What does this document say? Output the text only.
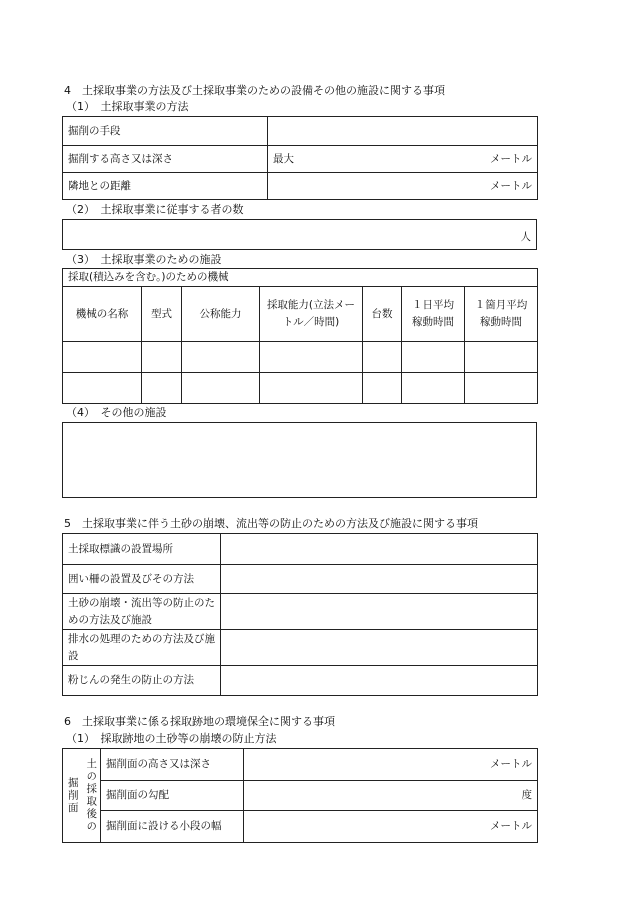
4　土採取事業の方法及び土採取事業のための設備その他の施設に関する事項
（1）　土採取事業の方法
掘削の手段	
掘削する高さ又は深さ	最大 メートル

隣地との距離	メートル
（2）　土採取事業に従事する者の数
人
（3）　土採取事業のための施設
採取(積込みを含む。)のための機械						
機械の名称	型式	公称能力	採取能力(立法メートル／時間)	台数	１日平均稼動時間	１箇月平均稼動時間

（4）　その他の施設
5　土採取事業に伴う土砂の崩壊、流出等の防止のための方法及び施設に関する事項
土採取標識の設置場所	
囲い柵の設置及びその方法	
土砂の崩壊・流出等の防止のための方法及び施設	
排水の処理のための方法及び施設	
粉じんの発生の防止の方法	
6　土採取事業に係る採取跡地の環境保全に関する事項
（1）　採取跡地の土砂等の崩壊の防止方法
掘削面	土の採取後の	掘削面の高さ又は深さ	メートル
		掘削面の勾配	度
		掘削面に設ける小段の幅	メートル
